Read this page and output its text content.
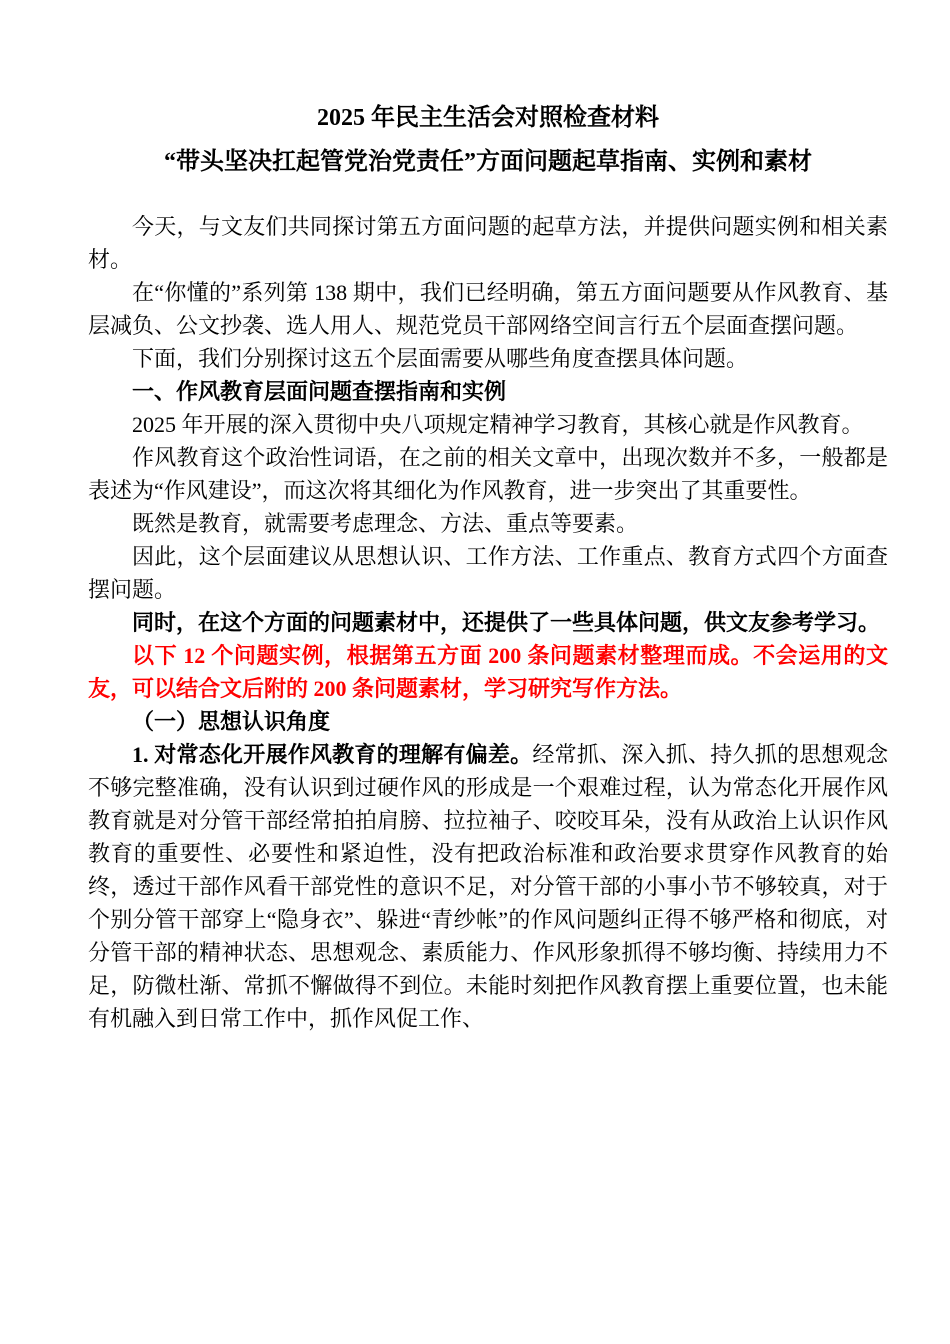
2025 年民主生活会对照检查材料
“带头坚决扛起管党治党责任”方面问题起草指南、实例和素材

今天，与文友们共同探讨第五方面问题的起草方法，并提供问题实例和相关素材。

在“你懂的”系列第 138 期中，我们已经明确，第五方面问题要从作风教育、基层减负、公文抄袭、选人用人、规范党员干部网络空间言行五个层面查摆问题。

下面，我们分别探讨这五个层面需要从哪些角度查摆具体问题。

一、作风教育层面问题查摆指南和实例

2025 年开展的深入贯彻中央八项规定精神学习教育，其核心就是作风教育。

作风教育这个政治性词语，在之前的相关文章中，出现次数并不多，一般都是表述为“作风建设”，而这次将其细化为作风教育，进一步突出了其重要性。

既然是教育，就需要考虑理念、方法、重点等要素。

因此，这个层面建议从思想认识、工作方法、工作重点、教育方式四个方面查摆问题。

同时，在这个方面的问题素材中，还提供了一些具体问题，供文友参考学习。

以下 12 个问题实例，根据第五方面 200 条问题素材整理而成。不会运用的文友，可以结合文后附的 200 条问题素材，学习研究写作方法。

（一）思想认识角度

1. 对常态化开展作风教育的理解有偏差。经常抓、深入抓、持久抓的思想观念不够完整准确，没有认识到过硬作风的形成是一个艰难过程，认为常态化开展作风教育就是对分管干部经常拍拍肩膀、拉拉袖子、咬咬耳朵，没有从政治上认识作风教育的重要性、必要性和紧迫性，没有把政治标准和政治要求贯穿作风教育的始终，透过干部作风看干部党性的意识不足，对分管干部的小事小节不够较真，对于个别分管干部穿上“隐身衣”、躲进“青纱帐”的作风问题纠正得不够严格和彻底，对分管干部的精神状态、思想观念、素质能力、作风形象抓得不够均衡、持续用力不足，防微杜渐、常抓不懈做得不到位。未能时刻把作风教育摆上重要位置，也未能有机融入到日常工作中，抓作风促工作、
